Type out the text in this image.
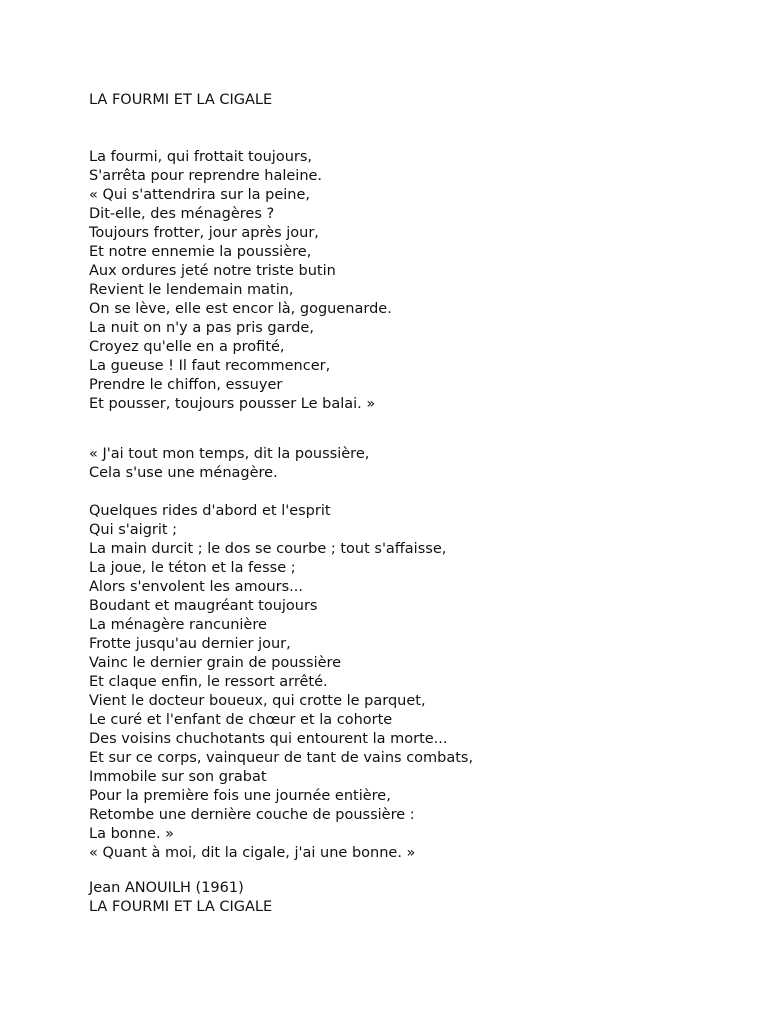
LA FOURMI ET LA CIGALE
La fourmi, qui frottait toujours,
S'arrêta pour reprendre haleine.
« Qui s'attendrira sur la peine,
Dit-elle, des ménagères ?
Toujours frotter, jour après jour,
Et notre ennemie la poussière,
Aux ordures jeté notre triste butin
Revient le lendemain matin,
On se lève, elle est encor là, goguenarde.
La nuit on n'y a pas pris garde,
Croyez qu'elle en a profité,
La gueuse ! Il faut recommencer,
Prendre le chiffon, essuyer
Et pousser, toujours pousser Le balai. »
« J'ai tout mon temps, dit la poussière,
Cela s'use une ménagère.
Quelques rides d'abord et l'esprit
Qui s'aigrit ;
La main durcit ; le dos se courbe ; tout s'affaisse,
La joue, le téton et la fesse ;
Alors s'envolent les amours...
Boudant et maugréant toujours
La ménagère rancunière
Frotte jusqu'au dernier jour,
Vainc le dernier grain de poussière
Et claque enfin, le ressort arrêté.
Vient le docteur boueux, qui crotte le parquet,
Le curé et l'enfant de chœur et la cohorte
Des voisins chuchotants qui entourent la morte...
Et sur ce corps, vainqueur de tant de vains combats,
Immobile sur son grabat
Pour la première fois une journée entière,
Retombe une dernière couche de poussière :
La bonne. »
« Quant à moi, dit la cigale, j'ai une bonne. »
Jean ANOUILH (1961)
LA FOURMI ET LA CIGALE
